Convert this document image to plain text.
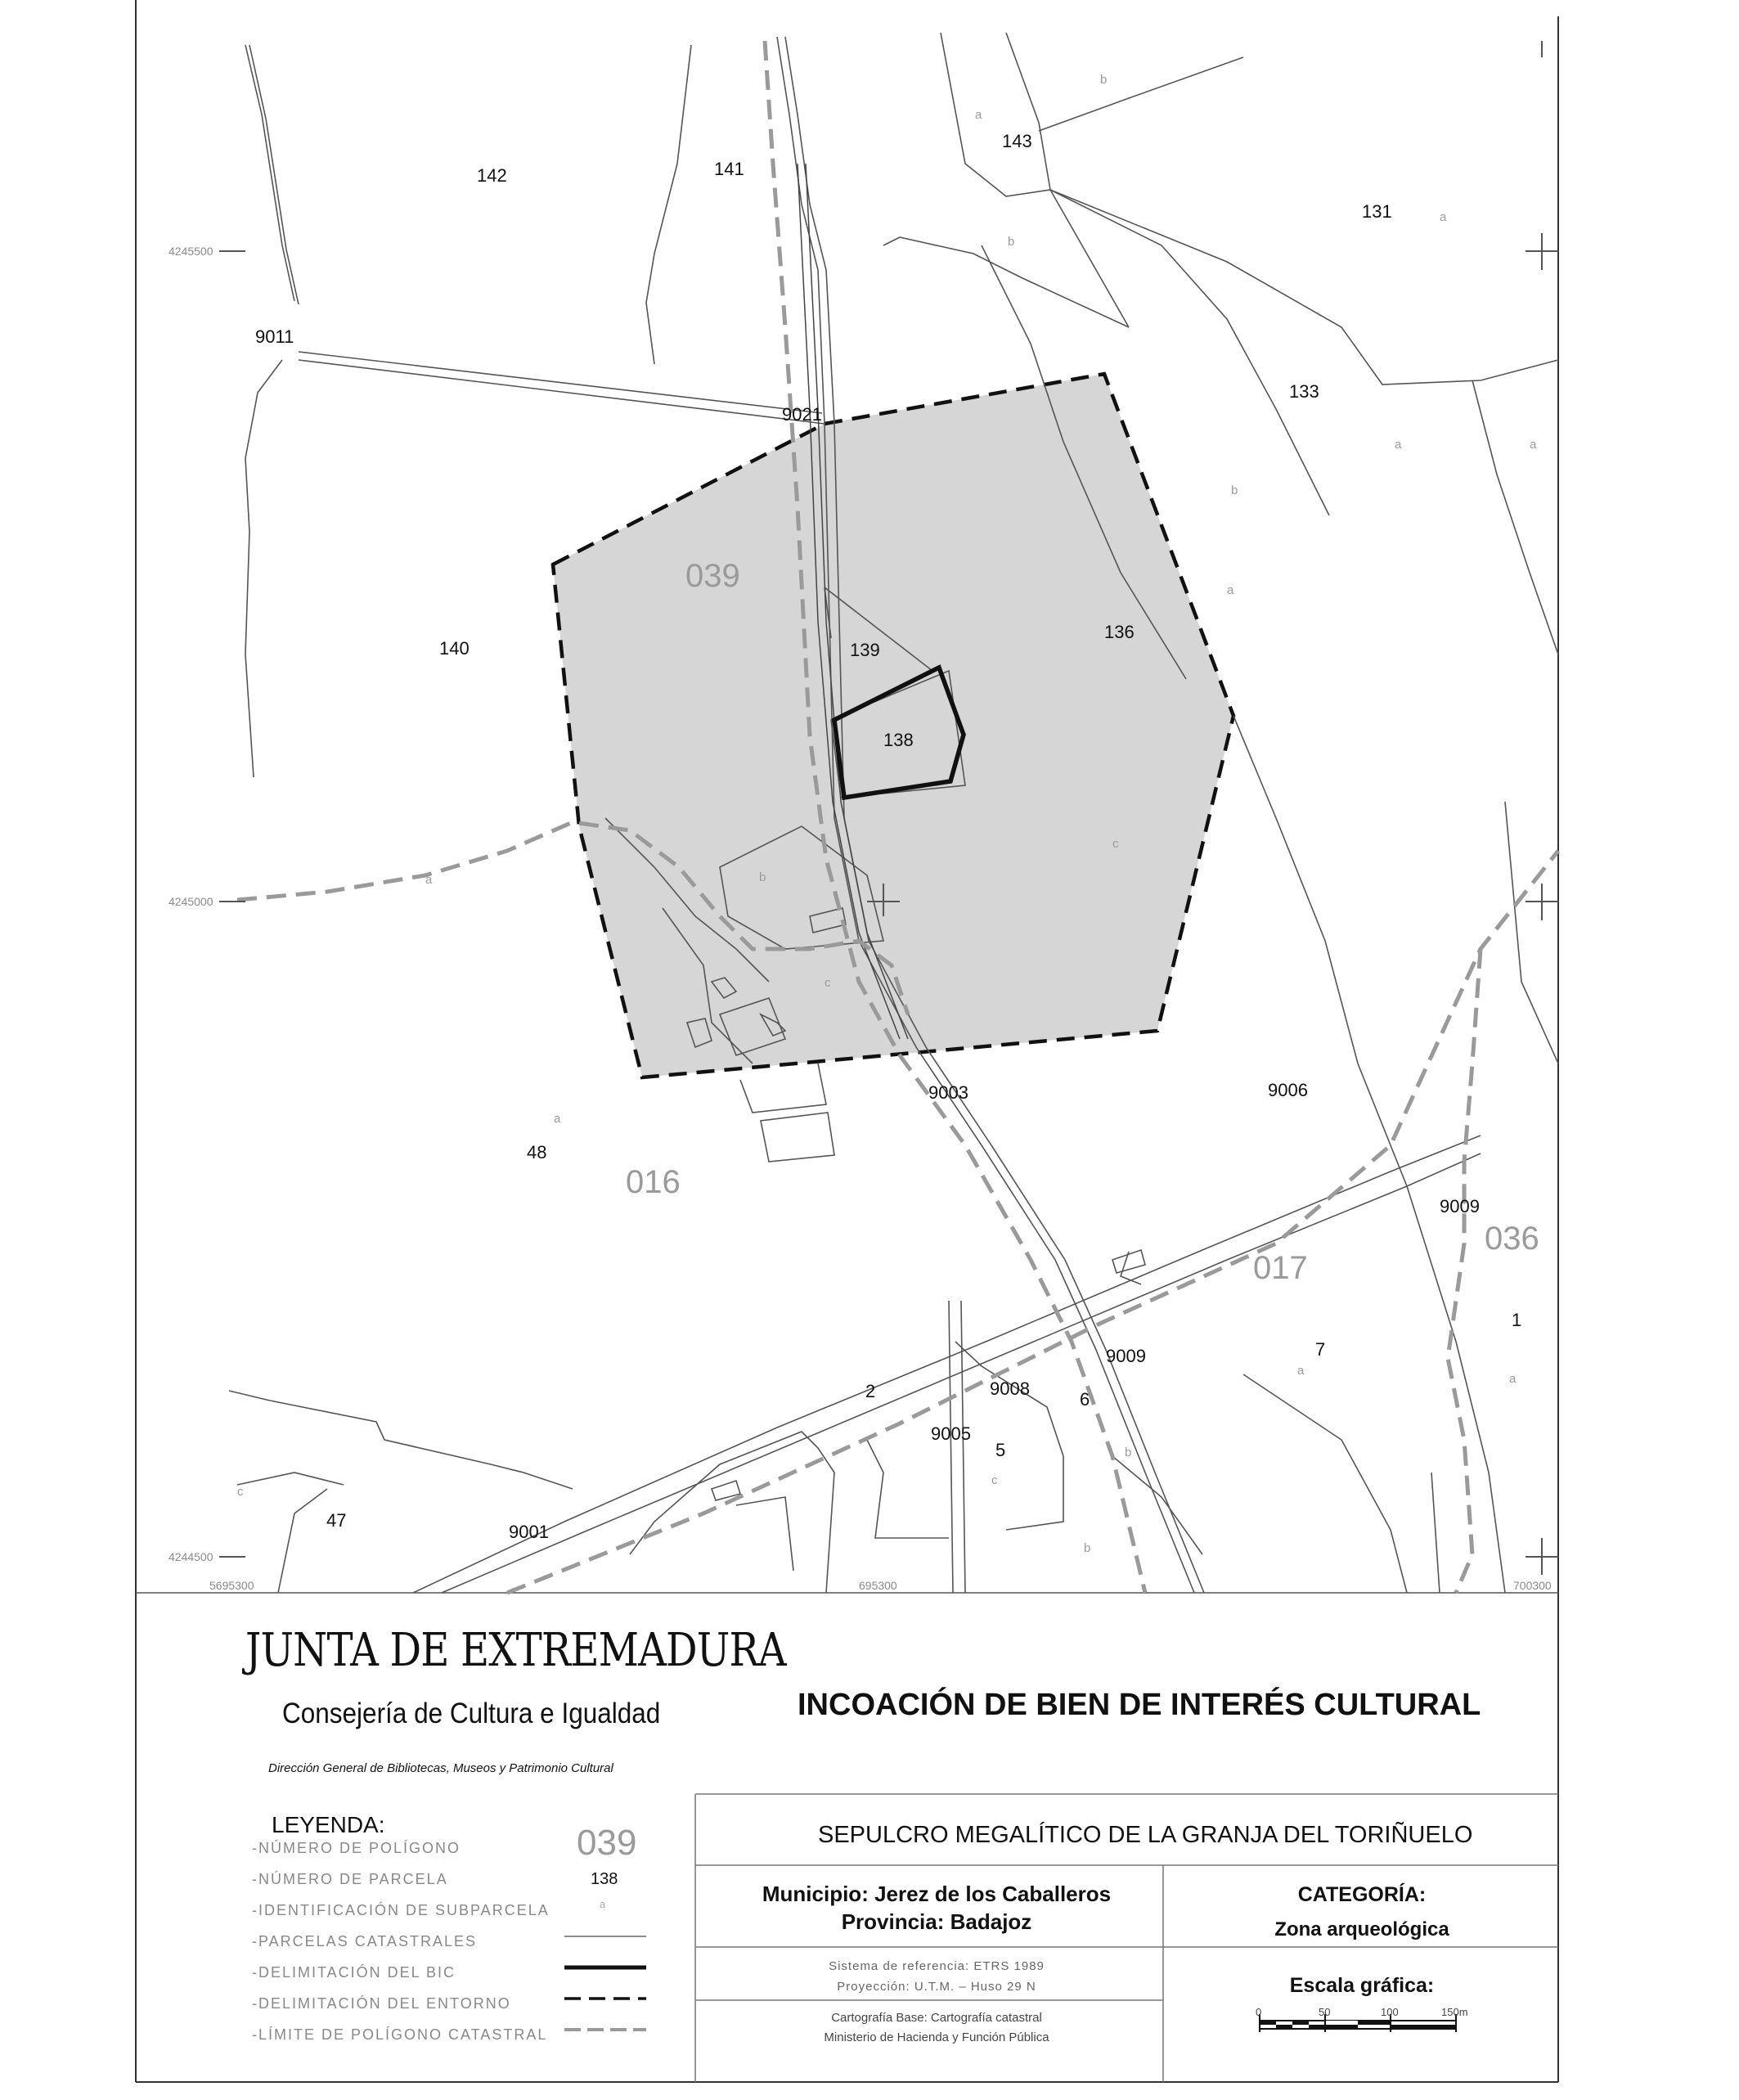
4245500
4245000
4244500
5695300	695300	700300
039
016
017
036
142	141
143
131
9011
9021
133
140	139
136
138
9003	9006
48
9009
9009
1
7
2	9008
6
9005
5
47
9001
a
b
b
a
a	a
b
a
b
c
c
b
a
a
a
a
c
b
c
JUNTA DE EXTREMADURA
Consejería de Cultura e Igualdad
Dirección General de Bibliotecas, Museos y Patrimonio Cultural
INCOACIÓN DE BIEN DE INTERÉS CULTURAL
SEPULCRO MEGALÍTICO DE LA GRANJA DEL TORIÑUELO
Municipio: Jerez de los Caballeros
Provincia: Badajoz
CATEGORÍA:
Zona arqueológica
Escala gráfica:
Sistema de referencia: ETRS 1989
Proyección: U.T.M. – Huso 29 N
Cartografía Base: Cartografía catastral
Ministerio de Hacienda y Función Pública
0	50	100	150m
LEYENDA:
-NÚMERO DE POLÍGONO
-NÚMERO DE PARCELA
-IDENTIFICACIÓN DE SUBPARCELA
-PARCELAS CATASTRALES
-DELIMITACIÓN DEL BIC
-DELIMITACIÓN DEL ENTORNO
-LÍMITE DE POLÍGONO CATASTRAL
039
138
a
